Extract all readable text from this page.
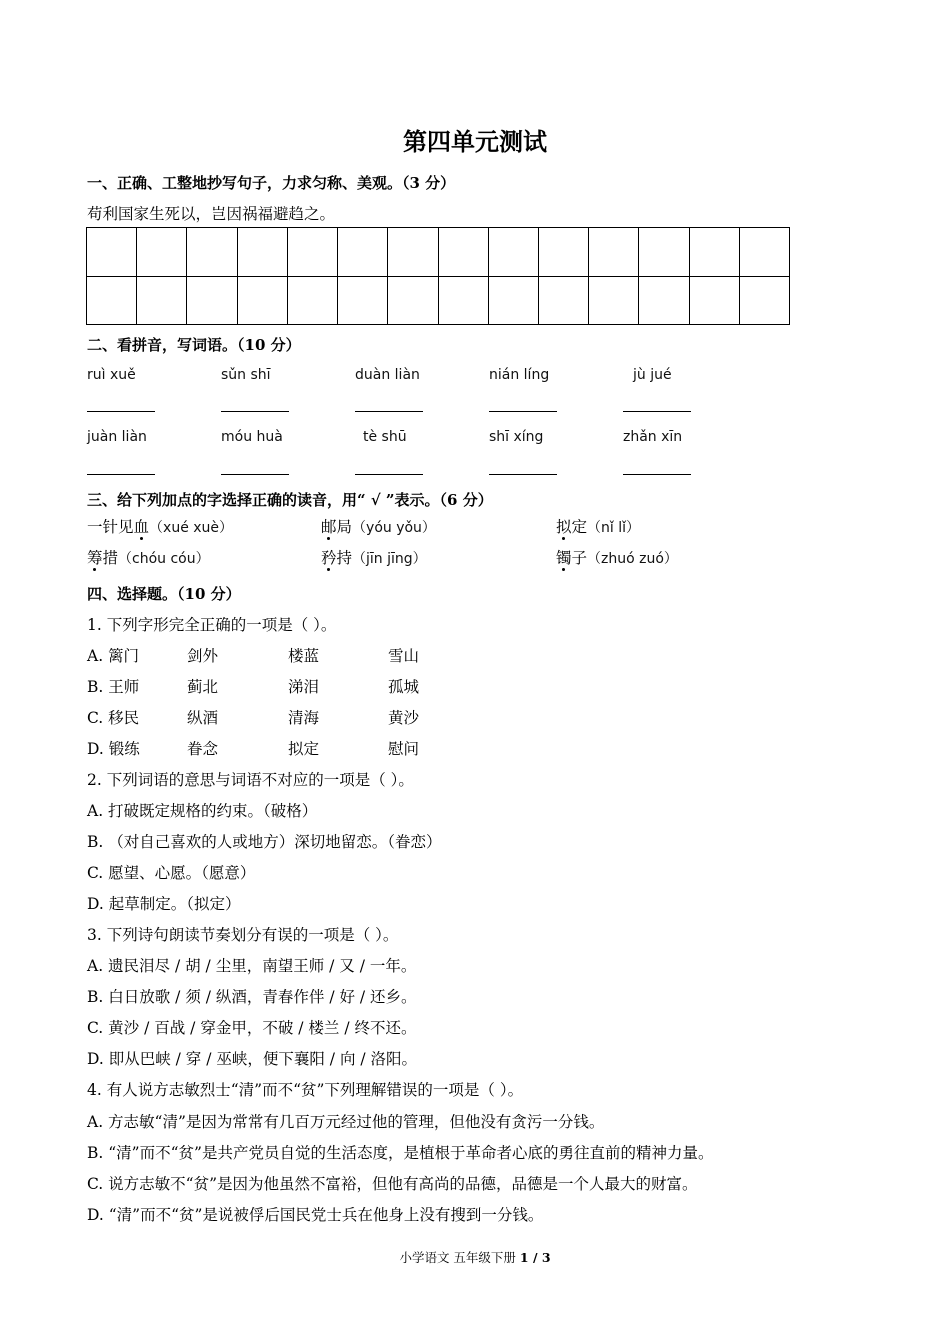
第四单元测试
一、正确、工整地抄写句子，力求匀称、美观。（3 分）
苟利国家生死以，岂因祸福避趋之。
二、看拼音，写词语。（10 分）
ruì xuě	sǔn shī	duàn liàn	nián líng	jù jué
juàn liàn	móu huà	tè shū	shī xíng	zhǎn xīn
三、给下列加点的字选择正确的读音，用“ √ ”表示。（6 分）
一针见血（xué xuè）	邮局（yóu yǒu）	拟定（nǐ lǐ）
筹措（chóu cóu）	矜持（jīn jīng）	镯子（zhuó zuó）
四、选择题。（10 分）
1. 下列字形完全正确的一项是（ ）。
A. 篱门	剑外	楼蓝	雪山
B. 王师	蓟北	涕泪	孤城
C. 移民	纵酒	清海	黄沙
D. 锻练	眷念	拟定	慰问
2. 下列词语的意思与词语不对应的一项是（ ）。
A. 打破既定规格的约束。（破格）
B. （对自己喜欢的人或地方）深切地留恋。（眷恋）
C. 愿望、心愿。（愿意）
D. 起草制定。（拟定）
3. 下列诗句朗读节奏划分有误的一项是（ ）。
A. 遗民泪尽 / 胡 / 尘里，南望王师 / 又 / 一年。
B. 白日放歌 / 须 / 纵酒，青春作伴 / 好 / 还乡。
C. 黄沙 / 百战 / 穿金甲，不破 / 楼兰 / 终不还。
D. 即从巴峡 / 穿 / 巫峡，便下襄阳 / 向 / 洛阳。
4. 有人说方志敏烈士“清”而不“贫”下列理解错误的一项是（ ）。
A. 方志敏“清”是因为常常有几百万元经过他的管理，但他没有贪污一分钱。
B. “清”而不“贫”是共产党员自觉的生活态度，是植根于革命者心底的勇往直前的精神力量。
C. 说方志敏不“贫”是因为他虽然不富裕，但他有高尚的品德，品德是一个人最大的财富。
D. “清”而不“贫”是说被俘后国民党士兵在他身上没有搜到一分钱。
小学语文 五年级下册 1 / 3
